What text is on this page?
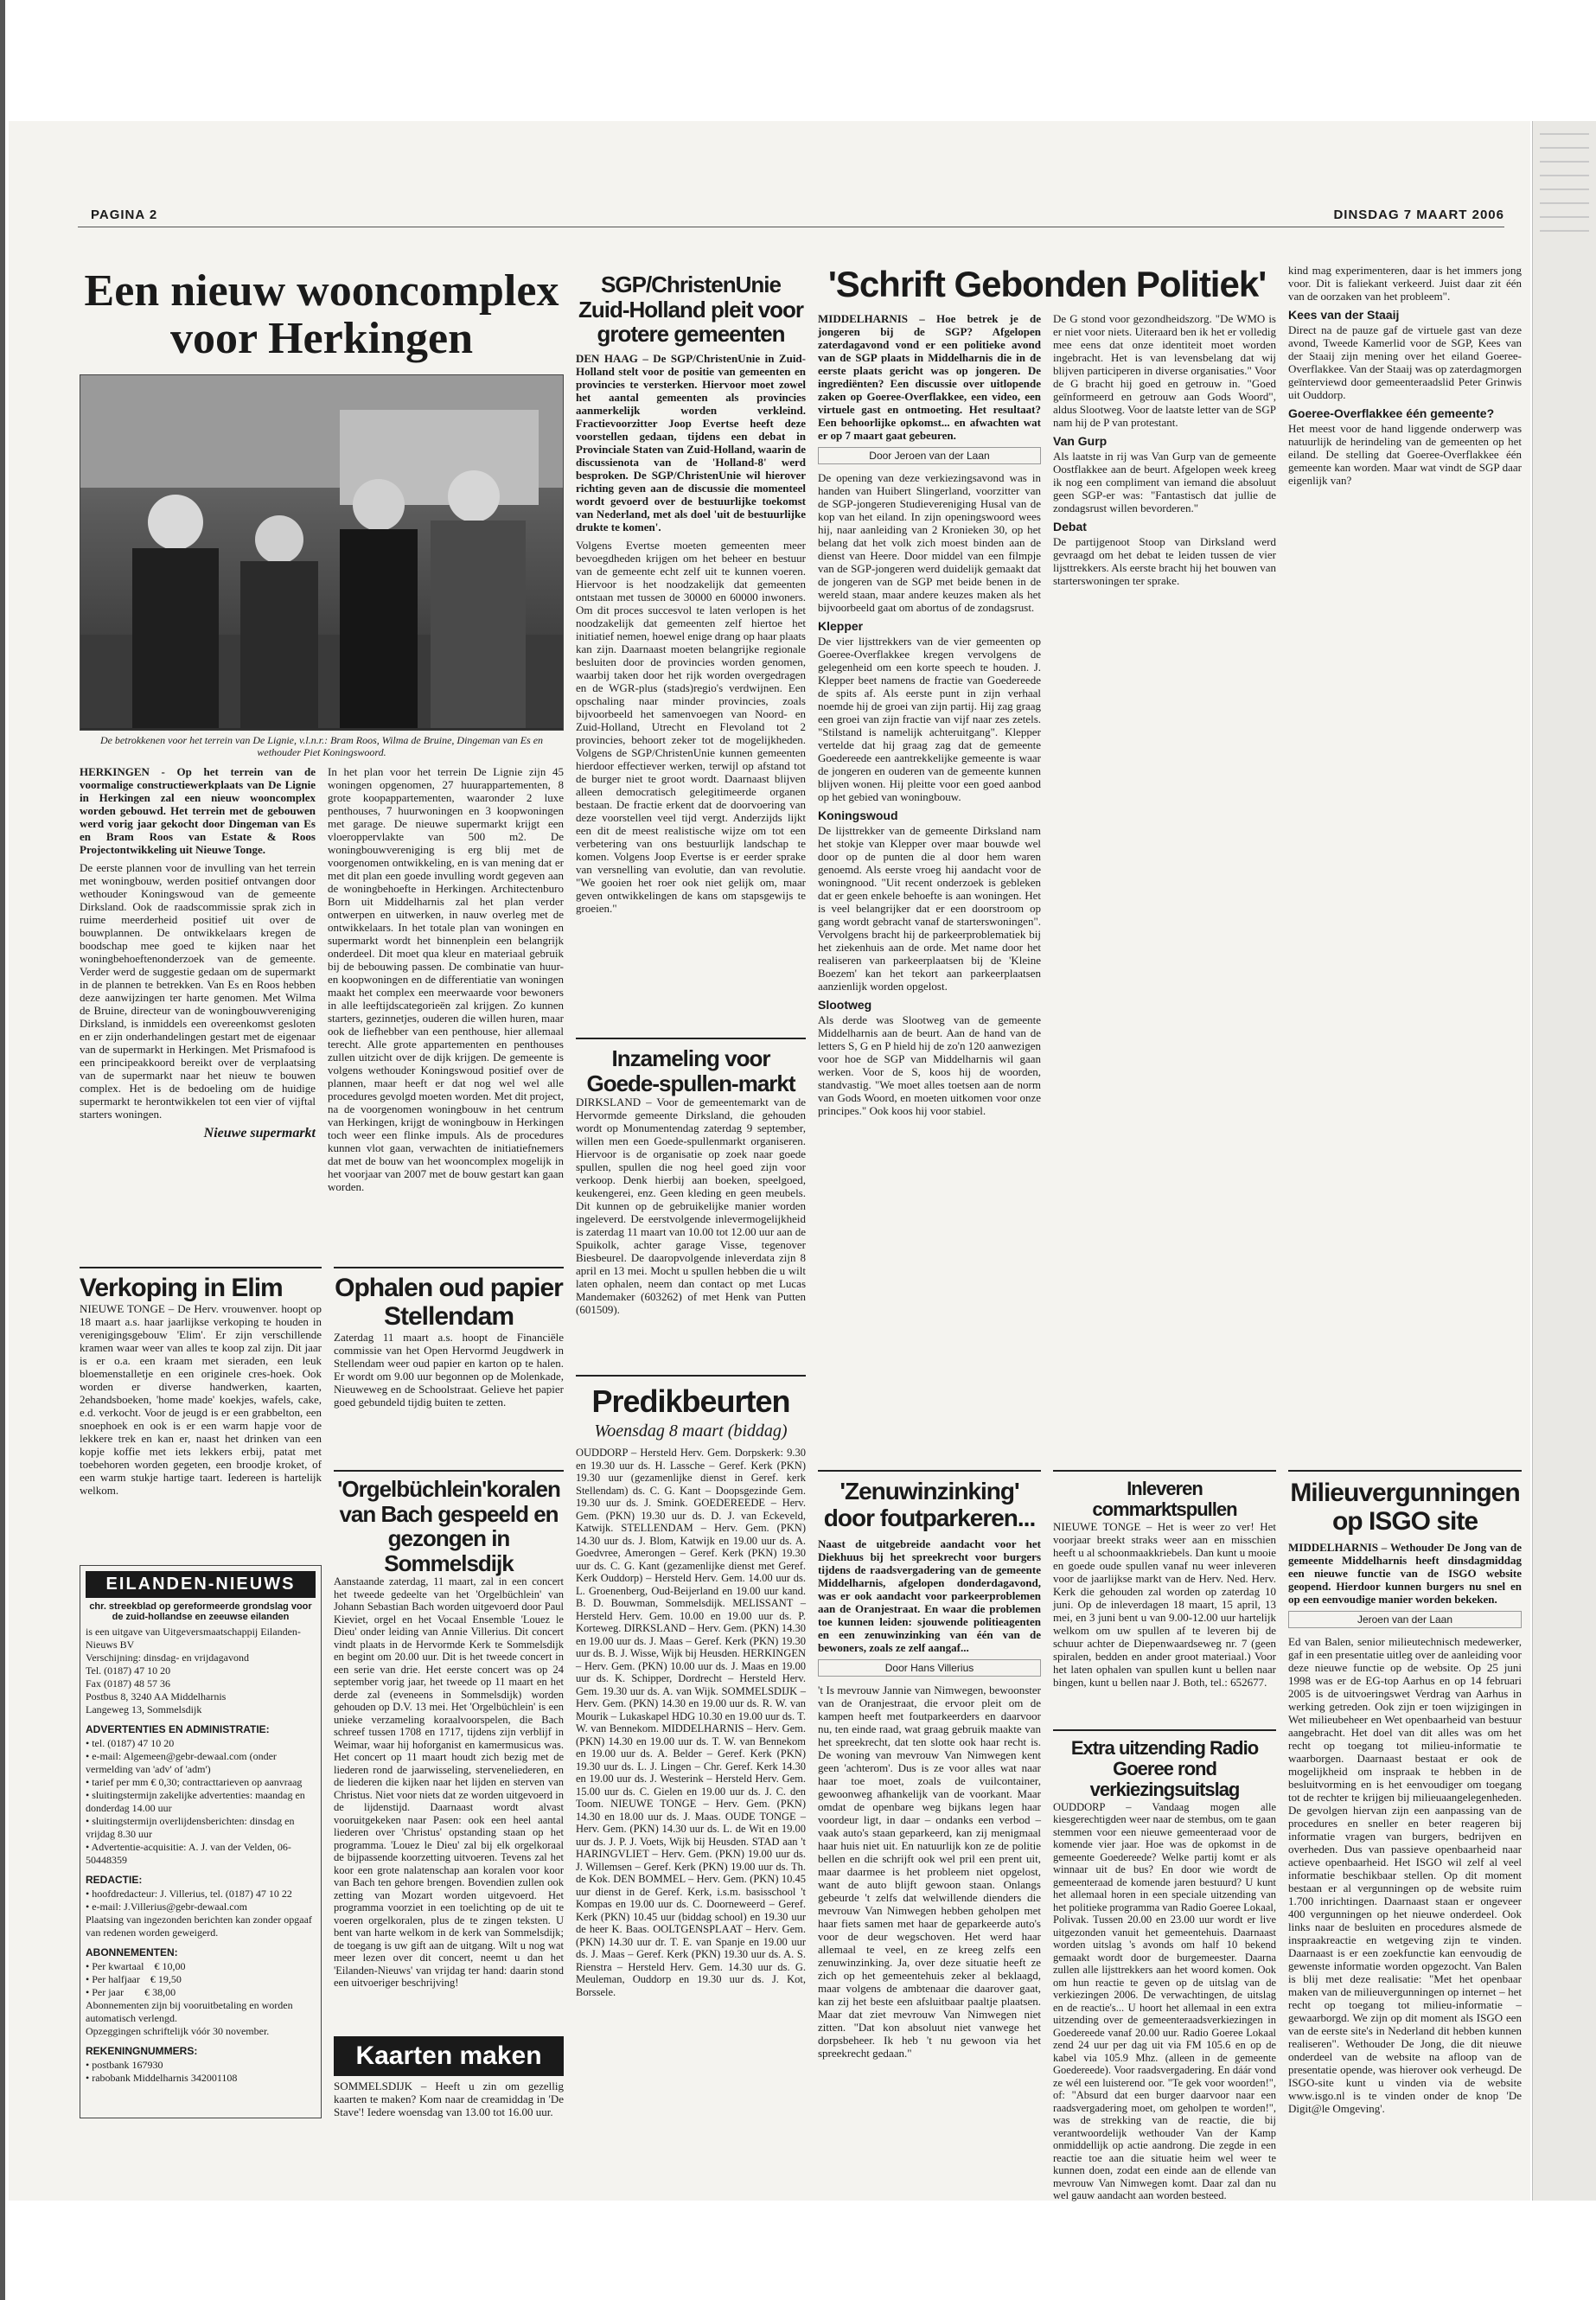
PAGINA 2	DINSDAG 7 MAART 2006
Een nieuw wooncomplex voor Herkingen

De betrokkenen voor het terrein van De Lignie, v.l.n.r.: Bram Roos, Wilma de Bruine, Dingeman van Es en wethouder Piet Koningswoord.

HERKINGEN - Op het terrein van de voormalige constructiewerkplaats van De Lignie in Herkingen zal een nieuw wooncomplex worden gebouwd. Het terrein met de gebouwen werd vorig jaar gekocht door Dingeman van Es en Bram Roos van Estate & Roos Projectontwikkeling uit Nieuwe Tonge.

De eerste plannen voor de invulling van het terrein met woningbouw, werden positief ontvangen door wethouder Koningswoud van de gemeente Dirksland. Ook de raadscommissie sprak zich in ruime meerderheid positief uit over de bouwplannen. De ontwikkelaars kregen de boodschap mee goed te kijken naar het woningbehoeftenonderzoek van de gemeente. Verder werd de suggestie gedaan om de supermarkt in de plannen te betrekken. Van Es en Roos hebben deze aanwijzingen ter harte genomen. Met Wilma de Bruine, directeur van de woningbouwvereniging Dirksland, is inmiddels een overeenkomst gesloten en er zijn onderhandelingen gestart met de eigenaar van de supermarkt in Herkingen. Met Prismafood is een principeakkoord bereikt over de verplaatsing van de supermarkt naar het nieuw te bouwen complex. Het is de bedoeling om de huidige supermarkt te herontwikkelen tot een vier of vijftal starters woningen.

Nieuwe supermarkt

In het plan voor het terrein De Lignie zijn 45 woningen opgenomen, 27 huurappartementen, 8 grote koopappartementen, waaronder 2 luxe penthouses, 7 huurwoningen en 3 koopwoningen met garage. De nieuwe supermarkt krijgt een vloeroppervlakte van 500 m2. De woningbouwvereniging is erg blij met de voorgenomen ontwikkeling, en is van mening dat er met dit plan een goede invulling wordt gegeven aan de woningbehoefte in Herkingen. Architectenburo Born uit Middelharnis zal het plan verder ontwerpen en uitwerken, in nauw overleg met de ontwikkelaars. In het totale plan van woningen en supermarkt wordt het binnenplein een belangrijk onderdeel. Dit moet qua kleur en materiaal gebruik bij de bebouwing passen. De combinatie van huur- en koopwoningen en de differentiatie van woningen maakt het complex een meerwaarde voor bewoners in alle leeftijdscategorieën zal krijgen. Zo kunnen starters, gezinnetjes, ouderen die willen huren, maar ook de liefhebber van een penthouse, hier allemaal terecht. Alle grote appartementen en penthouses zullen uitzicht over de dijk krijgen. De gemeente is volgens wethouder Koningswoud positief over de plannen, maar heeft er dat nog wel wel alle procedures gevolgd moeten worden. Met dit project, na de voorgenomen woningbouw in het centrum van Herkingen, krijgt de woningbouw in Herkingen toch weer een flinke impuls. Als de procedures kunnen vlot gaan, verwachten de initiatiefnemers dat met de bouw van het wooncomplex mogelijk in het voorjaar van 2007 met de bouw gestart kan gaan worden.

Verkoping in Elim

NIEUWE TONGE – De Herv. vrouwenver. hoopt op 18 maart a.s. haar jaarlijkse verkoping te houden in verenigingsgebouw 'Elim'. Er zijn verschillende kramen waar weer van alles te koop zal zijn. Dit jaar is er o.a. een kraam met sieraden, een leuk bloemenstalletje en een originele cres-hoek. Ook worden er diverse handwerken, kaarten, 2ehandsboeken, 'home made' koekjes, wafels, cake, e.d. verkocht. Voor de jeugd is er een grabbelton, een snoephoek en ook is er een warm hapje voor de lekkere trek en kan er, naast het drinken van een kopje koffie met iets lekkers erbij, patat met toebehoren worden gegeten, een broodje kroket, of een warm stukje hartige taart. Iedereen is hartelijk welkom.

EILANDEN-NIEUWS
chr. streekblad op gereformeerde grondslag voor de zuid-hollandse en zeeuwse eilanden

is een uitgave van Uitgeversmaatschappij Eilanden-Nieuws BV

Verschijning: dinsdag- en vrijdagavond

Tel. (0187) 47 10 20

Fax (0187) 48 57 36

Postbus 8, 3240 AA Middelharnis

Langeweg 13, Sommelsdijk

ADVERTENTIES EN ADMINISTRATIE:

• tel. (0187) 47 10 20

• e-mail: Algemeen@gebr-dewaal.com (onder vermelding van 'adv' of 'adm')

• tarief per mm € 0,30; contracttarieven op aanvraag

• sluitingstermijn zakelijke advertenties: maandag en donderdag 14.00 uur

• sluitingstermijn overlijdensberichten: dinsdag en vrijdag 8.30 uur

• Advertentie-acquisitie: A. J. van der Velden, 06-50448359

REDACTIE:

• hoofdredacteur: J. Villerius, tel. (0187) 47 10 22

• e-mail: J.Villerius@gebr-dewaal.com

Plaatsing van ingezonden berichten kan zonder opgaaf van redenen worden geweigerd.

ABONNEMENTEN:

• Per kwartaal    € 10,00

• Per halfjaar    € 19,50

• Per jaar        € 38,00

Abonnementen zijn bij vooruitbetaling en worden automatisch verlengd.

Opzeggingen schriftelijk vóór 30 november.

REKENINGNUMMERS:

• postbank 167930

• rabobank Middelharnis 342001108

Ophalen oud papier Stellendam

Zaterdag 11 maart a.s. hoopt de Financiële commissie van het Open Hervormd Jeugdwerk in Stellendam weer oud papier en karton op te halen. Er wordt om 9.00 uur begonnen op de Molenkade, Nieuweweg en de Schoolstraat. Gelieve het papier goed gebundeld tijdig buiten te zetten.

'Orgelbüchlein'koralen van Bach gespeeld en gezongen in Sommelsdijk

Aanstaande zaterdag, 11 maart, zal in een concert het tweede gedeelte van het 'Orgelbüchlein' van Johann Sebastian Bach worden uitgevoerd door Paul Kieviet, orgel en het Vocaal Ensemble 'Louez le Dieu' onder leiding van Annie Villerius. Dit concert vindt plaats in de Hervormde Kerk te Sommelsdijk en begint om 20.00 uur. Dit is het tweede concert in een serie van drie. Het eerste concert was op 24 september vorig jaar, het tweede op 11 maart en het derde zal (eveneens in Sommelsdijk) worden gehouden op D.V. 13 mei. Het 'Orgelbüchlein' is een unieke verzameling koraalvoorspelen, die Bach schreef tussen 1708 en 1717, tijdens zijn verblijf in Weimar, waar hij hoforganist en kamermusicus was. Het concert op 11 maart houdt zich bezig met de liederen rond de jaarwisseling, sterveneliederen, en de liederen die kijken naar het lijden en sterven van Christus. Niet voor niets dat ze worden uitgevoerd in de lijdenstijd. Daarnaast wordt alvast vooruitgekeken naar Pasen: ook een heel aantal liederen over 'Christus' opstanding staan op het programma. 'Louez le Dieu' zal bij elk orgelkoraal de bijpassende koorzetting uitvoeren. Tevens zal het koor een grote nalatenschap aan koralen voor koor van Bach ten gehore brengen. Bovendien zullen ook zetting van Mozart worden uitgevoerd. Het programma voorziet in een toelichting op de uit te voeren orgelkoralen, plus de te zingen teksten. U bent van harte welkom in de kerk van Sommelsdijk; de toegang is uw gift aan de uitgang. Wilt u nog wat meer lezen over dit concert, neemt u dan het 'Eilanden-Nieuws' van vrijdag ter hand: daarin stond een uitvoeriger beschrijving!

Kaarten maken

SOMMELSDIJK – Heeft u zin om gezellig kaarten te maken? Kom naar de creamiddag in 'De Stave'! Iedere woensdag van 13.00 tot 16.00 uur.

SGP/ChristenUnie Zuid-Holland pleit voor grotere gemeenten

DEN HAAG – De SGP/ChristenUnie in Zuid-Holland stelt voor de positie van gemeenten en provincies te versterken. Hiervoor moet zowel het aantal gemeenten als provincies aanmerkelijk worden verkleind. Fractievoorzitter Joop Evertse heeft deze voorstellen gedaan, tijdens een debat in Provinciale Staten van Zuid-Holland, waarin de discussienota van de 'Holland-8' werd besproken. De SGP/ChristenUnie wil hierover richting geven aan de discussie die momenteel wordt gevoerd over de bestuurlijke toekomst van Nederland, met als doel 'uit de bestuurlijke drukte te komen'.

Volgens Evertse moeten gemeenten meer bevoegdheden krijgen om het beheer en bestuur van de gemeente echt zelf uit te kunnen voeren. Hiervoor is het noodzakelijk dat gemeenten ontstaan met tussen de 30000 en 60000 inwoners. Om dit proces succesvol te laten verlopen is het noodzakelijk dat gemeenten zelf hiertoe het initiatief nemen, hoewel enige drang op haar plaats kan zijn. Daarnaast moeten belangrijke regionale besluiten door de provincies worden genomen, waarbij taken door het rijk worden overgedragen en de WGR-plus (stads)regio's verdwijnen. Een opschaling naar minder provincies, zoals bijvoorbeeld het samenvoegen van Noord- en Zuid-Holland, Utrecht en Flevoland tot 2 provincies, behoort zeker tot de mogelijkheden. Volgens de SGP/ChristenUnie kunnen gemeenten hierdoor effectiever werken, terwijl op afstand tot de burger niet te groot wordt. Daarnaast blijven alleen democratisch gelegitimeerde organen bestaan. De fractie erkent dat de doorvoering van deze voorstellen veel tijd vergt. Anderzijds lijkt een dit de meest realistische wijze om tot een verbetering van ons bestuurlijk landschap te komen. Volgens Joop Evertse is er eerder sprake van versnelling van evolutie, dan van revolutie. "We gooien het roer ook niet gelijk om, maar geven ontwikkelingen de kans om stapsgewijs te groeien."

Inzameling voor Goede-spullen-markt

DIRKSLAND – Voor de gemeentemarkt van de Hervormde gemeente Dirksland, die gehouden wordt op Monumentendag zaterdag 9 september, willen men een Goede-spullenmarkt organiseren. Hiervoor is de organisatie op zoek naar goede spullen, spullen die nog heel goed zijn voor verkoop. Denk hierbij aan boeken, speelgoed, keukengerei, enz. Geen kleding en geen meubels. Dit kunnen op de gebruikelijke manier worden ingeleverd. De eerstvolgende inlevermogelijkheid is zaterdag 11 maart van 10.00 tot 12.00 uur aan de Spuikolk, achter garage Visse, tegenover Biesbeurel. De daaropvolgende inleverdata zijn 8 april en 13 mei. Mocht u spullen hebben die u wilt laten ophalen, neem dan contact op met Lucas Mandemaker (603262) of met Henk van Putten (601509).

Predikbeurten

Woensdag 8 maart (biddag)

OUDDORP – Hersteld Herv. Gem. Dorpskerk: 9.30 en 19.30 uur ds. H. Lassche – Geref. Kerk (PKN) 19.30 uur (gezamenlijke dienst in Geref. kerk Stellendam) ds. C. G. Kant – Doopsgezinde Gem. 19.30 uur ds. J. Smink. GOEDEREEDE – Herv. Gem. (PKN) 19.30 uur ds. D. J. van Eckeveld, Katwijk. STELLENDAM – Herv. Gem. (PKN) 14.30 uur ds. J. Blom, Katwijk en 19.00 uur ds. A. Goedvree, Amerongen – Geref. Kerk (PKN) 19.30 uur ds. C. G. Kant (gezamenlijke dienst met Geref. Kerk Ouddorp) – Hersteld Herv. Gem. 14.00 uur ds. L. Groenenberg, Oud-Beijerland en 19.00 uur kand. B. D. Bouwman, Sommelsdijk. MELISSANT – Hersteld Herv. Gem. 10.00 en 19.00 uur ds. P. Korteweg. DIRKSLAND – Herv. Gem. (PKN) 14.30 en 19.00 uur ds. J. Maas – Geref. Kerk (PKN) 19.30 uur ds. B. J. Wisse, Wijk bij Heusden. HERKINGEN – Herv. Gem. (PKN) 10.00 uur ds. J. Maas en 19.00 uur ds. K. Schipper, Dordrecht – Hersteld Herv. Gem. 19.30 uur ds. A. van Wijk. SOMMELSDIJK – Herv. Gem. (PKN) 14.30 en 19.00 uur ds. R. W. van Mourik – Lukaskapel HDG 10.30 en 19.00 uur ds. T. W. van Bennekom. MIDDELHARNIS – Herv. Gem. (PKN) 14.30 en 19.00 uur ds. T. W. van Bennekom en 19.00 uur ds. A. Belder – Geref. Kerk (PKN) 19.30 uur ds. L. J. Lingen – Chr. Geref. Kerk 14.30 en 19.00 uur ds. J. Westerink – Hersteld Herv. Gem. 15.00 uur ds. C. Gielen en 19.00 uur ds. J. C. den Toom. NIEUWE TONGE – Herv. Gem. (PKN) 14.30 en 18.00 uur ds. J. Maas. OUDE TONGE – Herv. Gem. (PKN) 14.30 uur ds. L. de Wit en 19.00 uur ds. J. P. J. Voets, Wijk bij Heusden. STAD aan 't HARINGVLIET – Herv. Gem. (PKN) 19.00 uur ds. J. Willemsen – Geref. Kerk (PKN) 19.00 uur ds. Th. de Kok. DEN BOMMEL – Herv. Gem. (PKN) 10.45 uur dienst in de Geref. Kerk, i.s.m. basisschool 't Kompas en 19.00 uur ds. C. Doorneweerd – Geref. Kerk (PKN) 10.45 uur (biddag school) en 19.30 uur de heer K. Baas. OOLTGENSPLAAT – Herv. Gem. (PKN) 14.30 uur dr. T. E. van Spanje en 19.00 uur ds. J. Maas – Geref. Kerk (PKN) 19.30 uur ds. A. S. Rienstra – Hersteld Herv. Gem. 14.30 uur ds. G. Meuleman, Ouddorp en 19.30 uur ds. J. Kot, Borssele.

'Schrift Gebonden Politiek'

MIDDELHARNIS – Hoe betrek je de jongeren bij de SGP? Afgelopen zaterdagavond vond er een politieke avond van de SGP plaats in Middelharnis die in de eerste plaats gericht was op jongeren. De ingrediënten? Een discussie over uitlopende zaken op Goeree-Overflakkee, een video, een virtuele gast en ontmoeting. Het resultaat? Een behoorlijke opkomst... en afwachten wat er op 7 maart gaat gebeuren.

Door Jeroen van der Laan

De opening van deze verkiezingsavond was in handen van Huibert Slingerland, voorzitter van de SGP-jongeren Studievereniging Husal van de kop van het eiland. In zijn openingswoord wees hij, naar aanleiding van 2 Kronieken 30, op het belang dat het volk zich moest binden aan de dienst van Heere. Door middel van een filmpje van de SGP-jongeren werd duidelijk gemaakt dat de jongeren van de SGP met beide benen in de wereld staan, maar andere keuzes maken als het bijvoorbeeld gaat om abortus of de zondagsrust.

Klepper

De vier lijsttrekkers van de vier gemeenten op Goeree-Overflakkee kregen vervolgens de gelegenheid om een korte speech te houden. J. Klepper beet namens de fractie van Goedereede de spits af. Als eerste punt in zijn verhaal noemde hij de groei van zijn partij. Hij zag graag een groei van zijn fractie van vijf naar zes zetels. "Stilstand is namelijk achteruitgang". Klepper vertelde dat hij graag zag dat de gemeente Goedereede een aantrekkelijke gemeente is waar de jongeren en ouderen van de gemeente kunnen blijven wonen. Hij pleitte voor een goed aanbod op het gebied van woningbouw.

Koningswoud

De lijsttrekker van de gemeente Dirksland nam het stokje van Klepper over maar bouwde wel door op de punten die al door hem waren genoemd. Als eerste vroeg hij aandacht voor de woningnood. "Uit recent onderzoek is gebleken dat er geen enkele behoefte is aan woningen. Het is veel belangrijker dat er een doorstroom op gang wordt gebracht vanaf de starterswoningen". Vervolgens bracht hij de parkeerproblematiek bij het ziekenhuis aan de orde. Met name door het realiseren van parkeerplaatsen bij de 'Kleine Boezem' kan het tekort aan parkeerplaatsen aanzienlijk worden opgelost.

Slootweg

Als derde was Slootweg van de gemeente Middelharnis aan de beurt. Aan de hand van de letters S, G en P hield hij de zo'n 120 aanwezigen voor hoe de SGP van Middelharnis wil gaan werken. Voor de S, koos hij de woorden, standvastig. "We moet alles toetsen aan de norm van Gods Woord, en moeten uitkomen voor onze principes." Ook koos hij voor stabiel.

De G stond voor gezondheidszorg. "De WMO is er niet voor niets. Uiteraard ben ik het er volledig mee eens dat onze identiteit moet worden ingebracht. Het is van levensbelang dat wij blijven participeren in diverse organisaties." Voor de G bracht hij goed en getrouw in. "Goed geïnformeerd en getrouw aan Gods Woord", aldus Slootweg. Voor de laatste letter van de SGP nam hij de P van protestant.

Van Gurp

Als laatste in rij was Van Gurp van de gemeente Oostflakkee aan de beurt. Afgelopen week kreeg ik nog een compliment van iemand die absoluut geen SGP-er was: "Fantastisch dat jullie de zondagsrust willen bevorderen."

Debat

De partijgenoot Stoop van Dirksland werd gevraagd om het debat te leiden tussen de vier lijsttrekkers. Als eerste bracht hij het bouwen van starterswoningen ter sprake.

kind mag experimenteren, daar is het immers jong voor. Dit is faliekant verkeerd. Juist daar zit één van de oorzaken van het probleem".

Kees van der Staaij

Direct na de pauze gaf de virtuele gast van deze avond, Tweede Kamerlid voor de SGP, Kees van der Staaij zijn mening over het eiland Goeree-Overflakkee. Van der Staaij was op zaterdagmorgen geïnterviewd door gemeenteraadslid Peter Grinwis uit Ouddorp.

Goeree-Overflakkee één gemeente?

Het meest voor de hand liggende onderwerp was natuurlijk de herindeling van de gemeenten op het eiland. De stelling dat Goeree-Overflakkee één gemeente kan worden. Maar wat vindt de SGP daar eigenlijk van?

'Zenuwinzinking' door foutparkeren...

Naast de uitgebreide aandacht voor het Diekhuus bij het spreekrecht voor burgers tijdens de raadsvergadering van de gemeente Middelharnis, afgelopen donderdagavond, was er ook aandacht voor parkeerproblemen aan de Oranjestraat. En waar die problemen toe kunnen leiden: sjouwende politieagenten en een zenuwinzinking van één van de bewoners, zoals ze zelf aangaf...

Door Hans Villerius

't Is mevrouw Jannie van Nimwegen, bewoonster van de Oranjestraat, die ervoor pleit om de kampen heeft met foutparkeerders en daarvoor nu, ten einde raad, wat graag gebruik maakte van het spreekrecht, dat ten slotte ook haar recht is. De woning van mevrouw Van Nimwegen kent geen 'achterom'. Dus is ze voor alles wat naar haar toe moet, zoals de vuilcontainer, gewoonweg afhankelijk van de voorkant. Maar omdat de openbare weg bijkans legen haar voordeur ligt, in daar – ondanks een verbod – vaak auto's staan geparkeerd, kan zij menigmaal haar huis niet uit. En natuurlijk kon ze de politie bellen en die schrijft ook wel pril een prent uit, maar daarmee is het probleem niet opgelost, want de auto blijft gewoon staan. Onlangs gebeurde 't zelfs dat welwillende dienders die mevrouw Van Nimwegen hebben geholpen met haar fiets samen met haar de geparkeerde auto's voor de deur wegschoven. Het werd haar allemaal te veel, en ze kreeg zelfs een zenuwinzinking. Ja, over deze situatie heeft ze zich op het gemeentehuis zeker al beklaagd, maar volgens de ambtenaar die daarover gaat, kan zij het beste een afsluitbaar paaltje plaatsen. Maar dat ziet mevrouw Van Nimwegen niet zitten. "Dat kon absoluut niet vanwege het dorpsbeheer. Ik heb 't nu gewoon via het spreekrecht gedaan."

Inleveren commarktspullen

NIEUWE TONGE – Het is weer zo ver! Het voorjaar breekt straks weer aan en misschien heeft u al schoonmaakkriebels. Dan kunt u mooie en goede oude spullen vanaf nu weer inleveren voor de jaarlijkse markt van de Herv. Ned. Herv. Kerk die gehouden zal worden op zaterdag 10 juni. Op de inleverdagen 18 maart, 15 april, 13 mei, en 3 juni bent u van 9.00-12.00 uur hartelijk welkom om uw spullen af te leveren bij de schuur achter de Diepenwaardseweg nr. 7 (geen spiralen, bedden en ander groot materiaal.) Voor het laten ophalen van spullen kunt u bellen naar bingen, kunt u bellen naar J. Both, tel.: 652677.

Extra uitzending Radio Goeree rond verkiezingsuitslag

OUDDORP – Vandaag mogen alle kiesgerechtigden weer naar de stembus, om te gaan stemmen voor een nieuwe gemeenteraad voor de komende vier jaar. Hoe was de opkomst in de gemeente Goedereede? Welke partij komt er als winnaar uit de bus? En door wie wordt de gemeenteraad de komende jaren bestuurd? U kunt het allemaal horen in een speciale uitzending van het politieke programma van Radio Goeree Lokaal, Polivak. Tussen 20.00 en 23.00 uur wordt er live uitgezonden vanuit het gemeentehuis. Daarnaast worden uitslag 's avonds om half 10 bekend gemaakt wordt door de burgemeester. Daarna zullen alle lijsttrekkers aan het woord komen. Ook om hun reactie te geven op de uitslag van de verkiezingen 2006. De verwachtingen, de uitslag en de reactie's... U hoort het allemaal in een extra uitzending over de gemeenteraadsverkiezingen in Goedereede vanaf 20.00 uur. Radio Goeree Lokaal zend 24 uur per dag uit via FM 105.6 en op de kabel via 105.9 Mhz. (alleen in de gemeente Goedereede). Voor raadsvergadering. En dáár vond ze wél een luisterend oor. "Te gek voor woorden!", of: "Absurd dat een burger daarvoor naar een raadsvergadering moet, om geholpen te worden!", was de strekking van de reactie, die bij verantwoordelijk wethouder Van der Kamp onmiddellijk op actie aandrong. Die zegde in een reactie toe aan die situatie heim wel weer te kunnen doen, zodat een einde aan de ellende van mevrouw Van Nimwegen komt. Daar zal dan nu wel gauw aandacht aan worden besteed.

Milieuvergunningen op ISGO site

MIDDELHARNIS – Wethouder De Jong van de gemeente Middelharnis heeft dinsdagmiddag een nieuwe functie van de ISGO website geopend. Hierdoor kunnen burgers nu snel en op een eenvoudige manier worden bekeken.

Jeroen van der Laan

Ed van Balen, senior milieutechnisch medewerker, gaf in een presentatie uitleg over de aanleiding voor deze nieuwe functie op de website. Op 25 juni 1998 was er de EG-top Aarhus en op 14 februari 2005 is de uitvoeringswet Verdrag van Aarhus in werking getreden. Ook zijn er toen wijzigingen in Wet milieubeheer en Wet openbaarheid van bestuur aangebracht. Het doel van dit alles was om het recht op toegang tot milieu-informatie te waarborgen. Daarnaast bestaat er ook de mogelijkheid om inspraak te hebben in de besluitvorming en is het eenvoudiger om toegang tot de rechter te krijgen bij milieuaangelegenheden. De gevolgen hiervan zijn een aanpassing van de procedures en sneller en beter reageren bij informatie vragen van burgers, bedrijven en overheden. Dus van passieve openbaarheid naar actieve openbaarheid. Het ISGO wil zelf al veel informatie beschikbaar stellen. Op dit moment bestaan er al vergunningen op de website ruim 1.700 inrichtingen. Daarnaast staan er ongeveer 400 vergunningen op het nieuwe onderdeel. Ook links naar de besluiten en procedures alsmede de inspraakreactie en wetgeving zijn te vinden. Daarnaast is er een zoekfunctie kan eenvoudig de gewenste informatie worden opgezocht. Van Balen is blij met deze realisatie: "Met het openbaar maken van de milieuvergunningen op internet – het recht op toegang tot milieu-informatie – gewaarborgd. We zijn op dit moment als ISGO een van de eerste site's in Nederland dit hebben kunnen realiseren". Wethouder De Jong, die dit nieuwe onderdeel van de website na afloop van de presentatie opende, was hierover ook verheugd. De ISGO-site kunt u vinden via de website www.isgo.nl is te vinden onder de knop 'De Digit@le Omgeving'.
